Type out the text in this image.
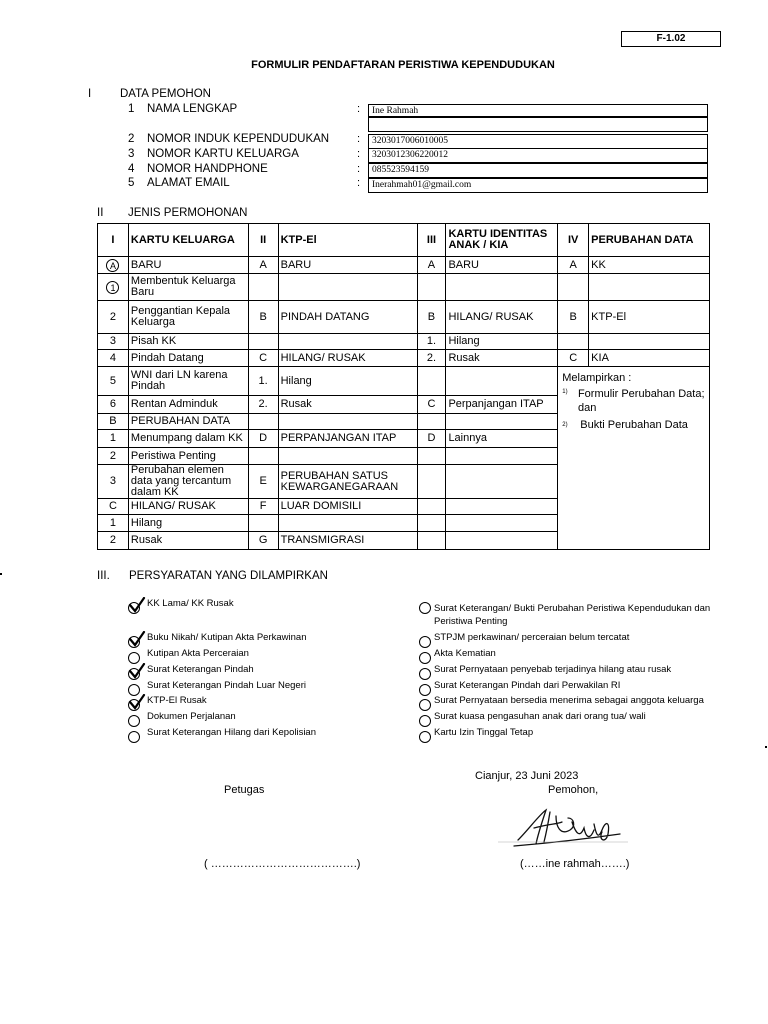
F-1.02
FORMULIR PENDAFTARAN PERISTIWA KEPENDUDUKAN
I	DATA PEMOHON
1 NAMA LENGKAP	:	Ine Rahmah
2 NOMOR INDUK KEPENDUDUKAN	:	3203017006010005
3 NOMOR KARTU KELUARGA	:	3203012306220012
4 NOMOR HANDPHONE	:	085523594159
5 ALAMAT EMAIL	:	Inerahmah01@gmail.com
II JENIS PERMOHONAN
I	KARTU KELUARGA	II	KTP-El	III	KARTU IDENTITAS ANAK / KIA	IV	PERUBAHAN DATA
A	BARU	A	BARU	A	BARU	A	KK
1	Membentuk Keluarga Baru						
2	Penggantian Kepala Keluarga	B	PINDAH DATANG	B	HILANG/ RUSAK	B	KTP-El
3	Pisah KK			1.	Hilang		
4	Pindah Datang	C	HILANG/ RUSAK	2.	Rusak	C	KIA
5	WNI dari LN karena Pindah	1.	Hilang			Melampirkan :
1) Formulir Perubahan Data; dan
2) Bukti Perubahan Data	

6	Rentan Adminduk	2.	Rusak	C	Perpanjangan ITAP		
B	PERUBAHAN DATA						
1	Menumpang dalam KK	D	PERPANJANGAN ITAP	D	Lainnya		
2	Peristiwa Penting						
3	Perubahan elemen data yang tercantum dalam KK	E	PERUBAHAN SATUS KEWARGANEGARAAN				
C	HILANG/ RUSAK	F	LUAR DOMISILI				
1	Hilang						
2	Rusak	G	TRANSMIGRASI				
III. PERSYARATAN YANG DILAMPIRKAN
KK Lama/ KK Rusak
Buku Nikah/ Kutipan Akta Perkawinan
Kutipan Akta Perceraian
Surat Keterangan Pindah
Surat Keterangan Pindah Luar Negeri
KTP-El Rusak
Dokumen Perjalanan
Surat Keterangan Hilang dari Kepolisian
Surat Keterangan/ Bukti Perubahan Peristiwa Kependudukan dan
Peristiwa Penting
STPJM perkawinan/ perceraian belum tercatat
Akta Kematian
Surat Pernyataan penyebab terjadinya hilang atau rusak
Surat Keterangan Pindah dari Perwakilan RI
Surat Pernyataan bersedia menerima sebagai anggota keluarga
Surat kuasa pengasuhan anak dari orang tua/ wali
Kartu Izin Tinggal Tetap
Cianjur, 23 Juni 2023
Petugas	Pemohon,
( ………………………………….)	(……ine rahmah…….)
